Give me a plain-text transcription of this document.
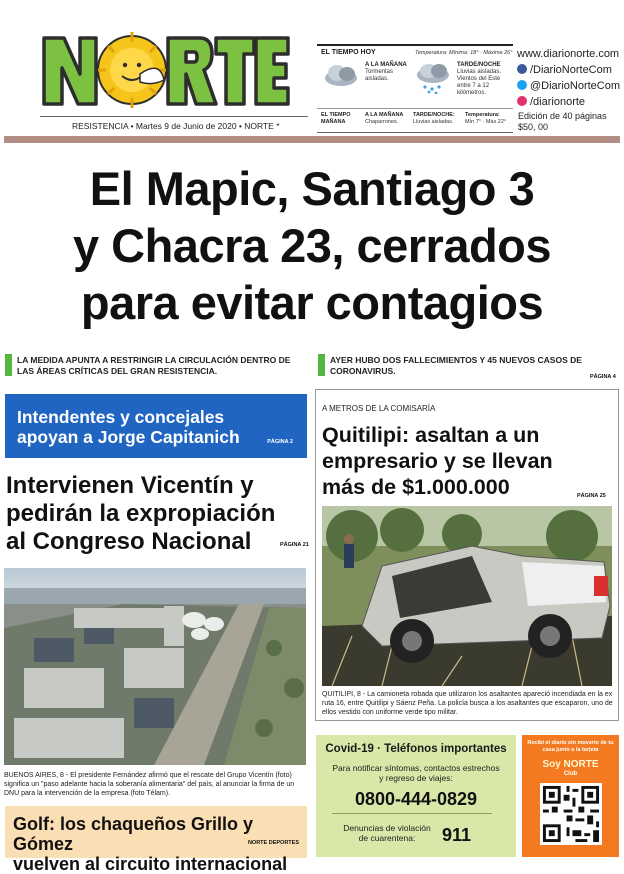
RESISTENCIA • Martes 9 de Junio de 2020 • NORTE *
EL TIEMPO HOY	Temperatura: Mínima: 18° · Máxima 26°
A LA MAÑANA
Tormentas aisladas.
TARDE/NOCHE
Lluvias aisladas. Vientos del Este entre 7 a 12 kilómetros.
EL TIEMPO MAÑANA
A LA MAÑANA
Chaparrones.
TARDE/NOCHE:
Lluvias aisladas.
Temperatura:
Mín 7° · Máx 22°
www.diarionorte.com
/DiarioNorteCom
@DiarioNorteCom
/diarionorte
Edición de 40 páginas
$50, 00
El Mapic, Santiago 3
y Chacra 23, cerrados
para evitar contagios
LA MEDIDA APUNTA A RESTRINGIR LA CIRCULACIÓN DENTRO DE LAS ÁREAS CRÍTICAS DEL GRAN RESISTENCIA.
AYER HUBO DOS FALLECIMIENTOS Y 45 NUEVOS CASOS DE CORONAVIRUS.
PÁGINA 4
Intendentes y concejales
apoyan a Jorge Capitanich	PÁGINA 2
Intervienen Vicentín y
pedirán la expropiación
al Congreso Nacional	PÁGINA 21
BUENOS AIRES, 8 - El presidente Fernández afirmó que el rescate del Grupo Vicentín (foto) significa un "paso adelante hacia la soberanía alimentaria" del país, al anunciar la firma de un DNU para la intervención de la empresa (foto Télam).
Golf: los chaqueños Grillo y Gómez
vuelven al circuito internacional
NORTE DEPORTES
A METROS DE LA COMISARÍA
Quitilipi: asaltan a un
empresario y se llevan
más de $1.000.000	PÁGINA 25
QUITILIPI, 8 - La camioneta robada que utilizaron los asaltantes apareció incendiada en la ex ruta 16, entre Quitilipi y Sáenz Peña. La policía busca a los asaltantes que escaparon, uno de ellos vestido con uniforme verde tipo militar.
Covid-19 · Teléfonos importantes
Para notificar síntomas, contactos estrechos y regreso de viajes:
0800-444-0829
Denuncias de violación de cuarentena:	911
Recibí el diario sin moverte de tu casa junto a la tarjeta
Soy NORTE
Club
